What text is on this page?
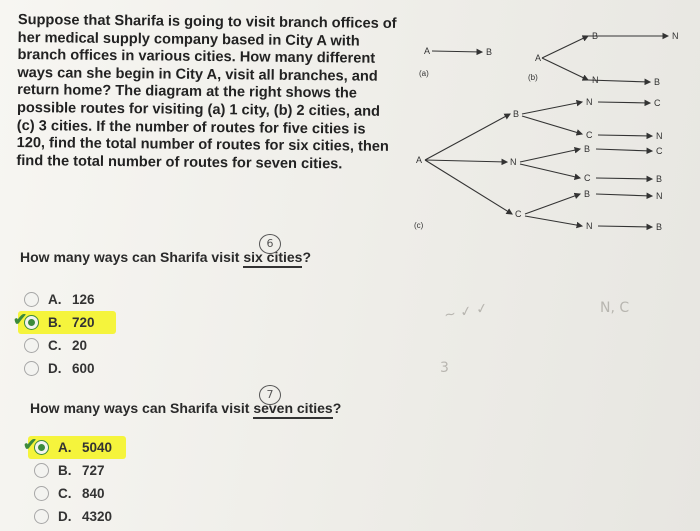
Suppose that Sharifa is going to visit branch offices of

her medical supply company based in City A with

branch offices in various cities. How many different

ways can she begin in City A, visit all branches, and

return home? The diagram at the right shows the

possible routes for visiting (a) 1 city, (b) 2 cities, and

(c) 3 cities. If the number of routes for five cities is

120, find the total number of routes for six cities, then

find the total number of routes for seven cities.

A	B
A
B	N
N	B
A
B
N
C
N	C
C	N
B	C
C	B
B	N
N	B
(a)	(b)
(c)
~ ✓ ✓
3
N, C
How many ways can Sharifa visit six cities?
6
A. 126
✔ B. 720
C. 20
D. 600
How many ways can Sharifa visit seven cities?
7
✔ A. 5040
B. 727
C. 840
D. 4320
